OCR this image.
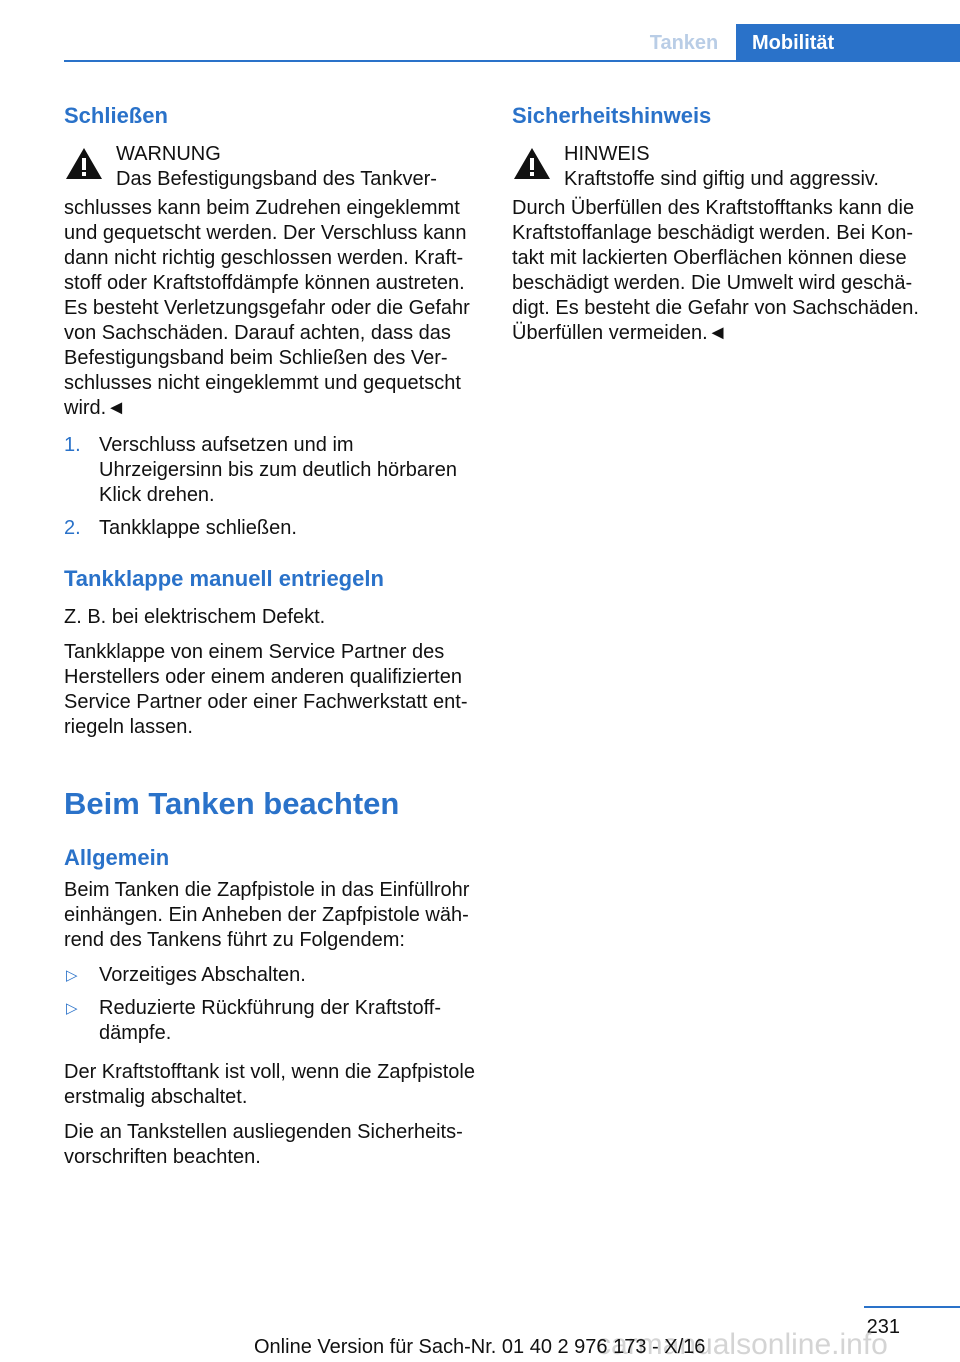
Tanken	Mobilität
Schließen
WARNUNG
Das Befestigungsband des Tankver-

schlusses kann beim Zudrehen eingeklemmt und gequetscht werden. Der Verschluss kann dann nicht richtig geschlossen werden. Kraft-stoff oder Kraftstoffdämpfe können austreten. Es besteht Verletzungsgefahr oder die Gefahr von Sachschäden. Darauf achten, dass das Befestigungsband beim Schließen des Ver-schlusses nicht eingeklemmt und gequetscht wird.◄

1. Verschluss aufsetzen und im Uhrzeigersinn bis zum deutlich hörbaren Klick drehen.
2. Tankklappe schließen.
Tankklappe manuell entriegeln

Z. B. bei elektrischem Defekt.

Tankklappe von einem Service Partner des Herstellers oder einem anderen qualifizierten Service Partner oder einer Fachwerkstatt ent-riegeln lassen.

Beim Tanken beachten
Allgemein

Beim Tanken die Zapfpistole in das Einfüllrohr einhängen. Ein Anheben der Zapfpistole wäh-rend des Tankens führt zu Folgendem:

▷ Vorzeitiges Abschalten.
▷ Reduzierte Rückführung der Kraftstoff-dämpfe.

Der Kraftstofftank ist voll, wenn die Zapfpistole erstmalig abschaltet.

Die an Tankstellen ausliegenden Sicherheits-vorschriften beachten.

Sicherheitshinweis
HINWEIS
Kraftstoffe sind giftig und aggressiv.

Durch Überfüllen des Kraftstofftanks kann die Kraftstoffanlage beschädigt werden. Bei Kon-takt mit lackierten Oberflächen können diese beschädigt werden. Die Umwelt wird geschä-digt. Es besteht die Gefahr von Sachschäden. Überfüllen vermeiden.◄

231
carmanualsonline.info
Online Version für Sach-Nr. 01 40 2 976 173 - X/16
